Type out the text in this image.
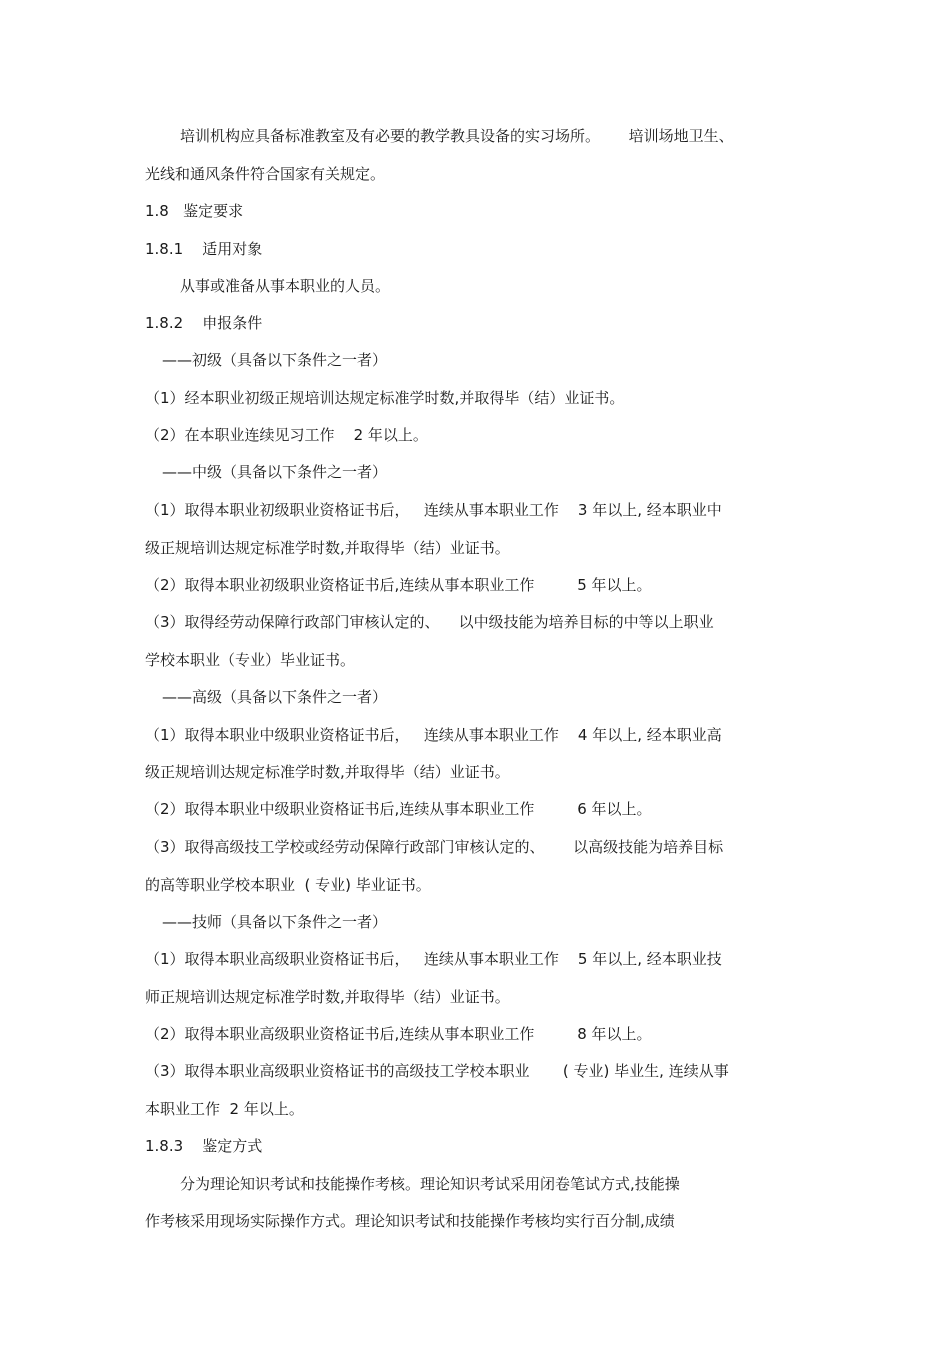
培训机构应具备标准教室及有必要的教学教具设备的实习场所。      培训场地卫生、
光线和通风条件符合国家有关规定。
1.8   鉴定要求
1.8.1    适用对象
从事或准备从事本职业的人员。
1.8.2    申报条件
——初级（具备以下条件之一者）
（1）经本职业初级正规培训达规定标准学时数,并取得毕（结）业证书。
（2）在本职业连续见习工作    2 年以上。
——中级（具备以下条件之一者）
（1）取得本职业初级职业资格证书后，   连续从事本职业工作    3 年以上, 经本职业中
级正规培训达规定标准学时数,并取得毕（结）业证书。
（2）取得本职业初级职业资格证书后,连续从事本职业工作         5 年以上。
（3）取得经劳动保障行政部门审核认定的、    以中级技能为培养目标的中等以上职业
学校本职业（专业）毕业证书。
——高级（具备以下条件之一者）
（1）取得本职业中级职业资格证书后，   连续从事本职业工作    4 年以上, 经本职业高
级正规培训达规定标准学时数,并取得毕（结）业证书。
（2）取得本职业中级职业资格证书后,连续从事本职业工作         6 年以上。
（3）取得高级技工学校或经劳动保障行政部门审核认定的、      以高级技能为培养目标
的高等职业学校本职业  ( 专业) 毕业证书。
——技师（具备以下条件之一者）
（1）取得本职业高级职业资格证书后，   连续从事本职业工作    5 年以上, 经本职业技
师正规培训达规定标准学时数,并取得毕（结）业证书。
（2）取得本职业高级职业资格证书后,连续从事本职业工作         8 年以上。
（3）取得本职业高级职业资格证书的高级技工学校本职业       ( 专业) 毕业生, 连续从事
本职业工作  2 年以上。
1.8.3    鉴定方式
分为理论知识考试和技能操作考核。理论知识考试采用闭卷笔试方式,技能操
作考核采用现场实际操作方式。理论知识考试和技能操作考核均实行百分制,成绩
